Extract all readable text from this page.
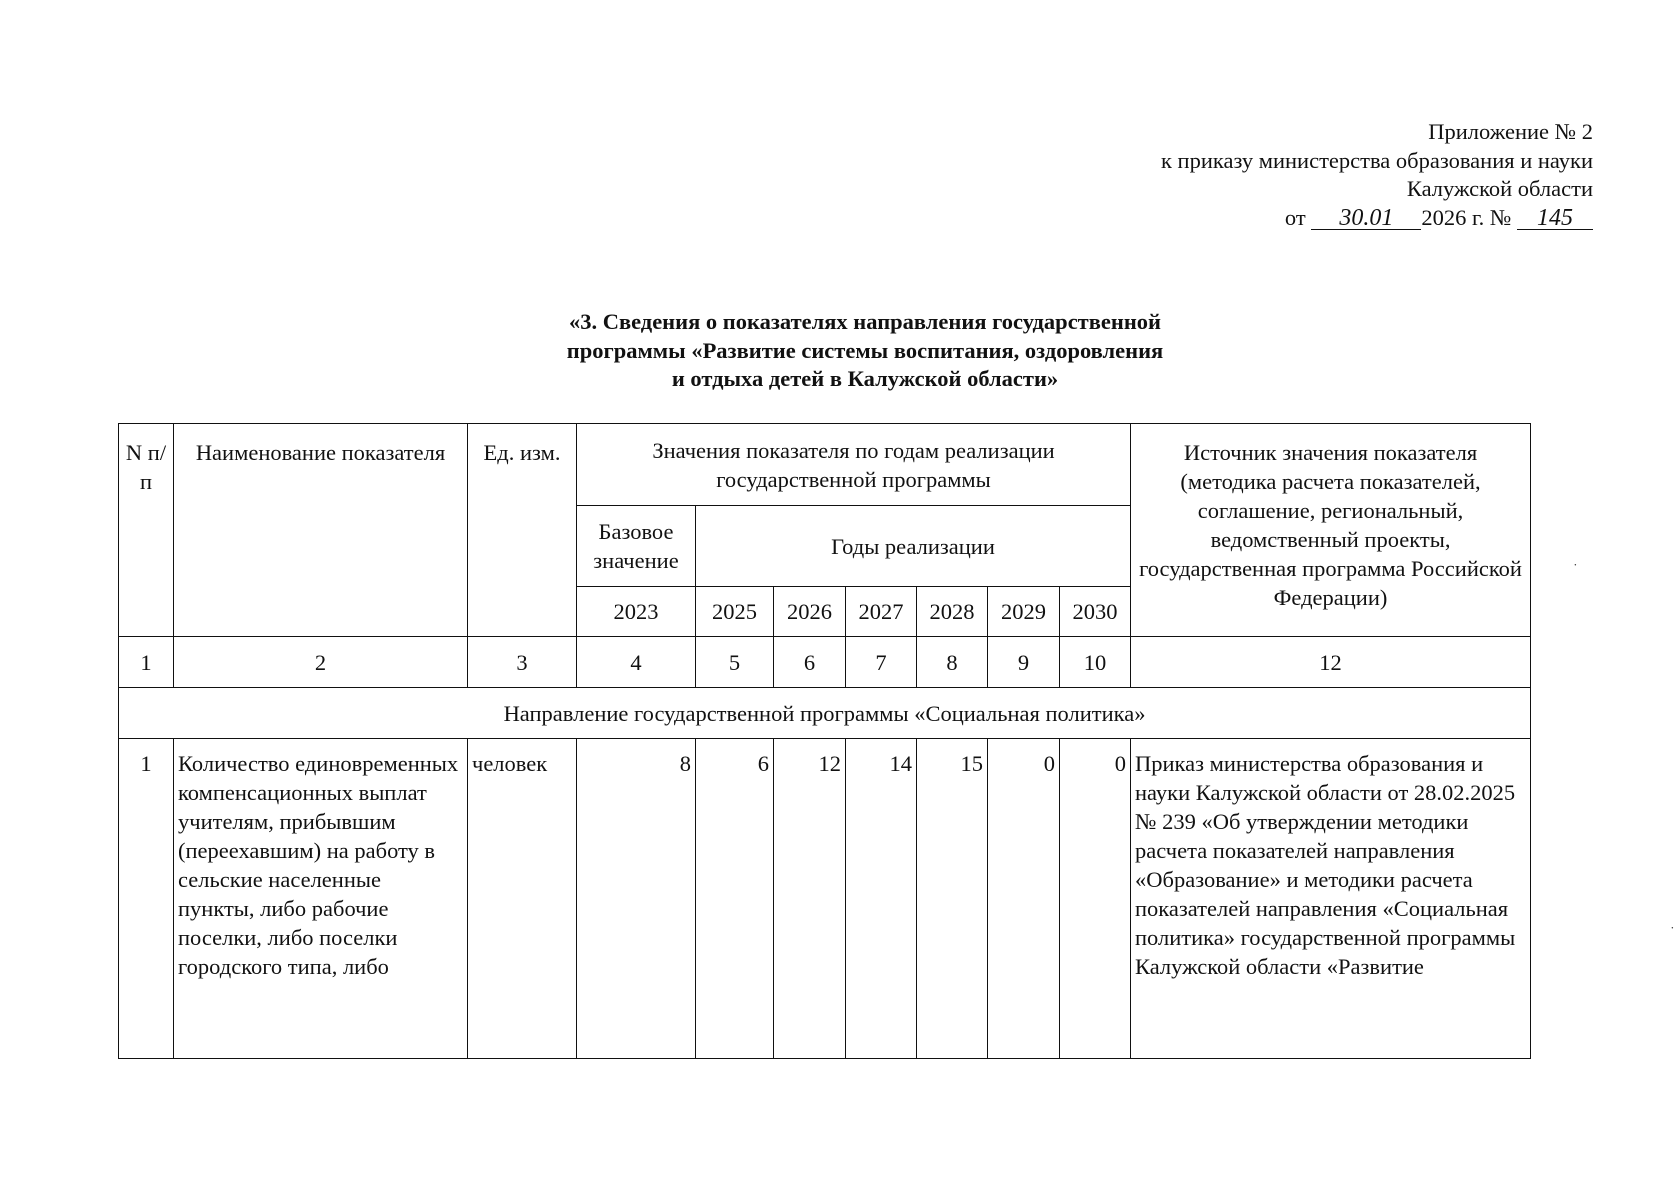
Приложение № 2
к приказу министерства образования и науки
Калужской области
от 30.01 2026 г. № 145
«3. Сведения о показателях направления государственной
программы «Развитие системы воспитания, оздоровления
и отдыха детей в Калужской области»
N п/п	Наименование показателя	Ед. изм.	Значения показателя по годам реализации государственной программы							Источник значения показателя (методика расчета показателей, соглашение, региональный, ведомственный проекты, государственная программа Российской Федерации)
			Базовое значение	Годы реализации						
			2023	2025	2026	2027	2028	2029	2030	
1	2	3	4	5	6	7	8	9	10	12
Направление государственной программы «Социальная политика»										
1	Количество единовременных компенсационных выплат учителям, прибывшим (переехавшим) на работу в сельские населенные пункты, либо рабочие поселки, либо поселки городского типа, либо	человек	8	6	12	14	15	0	0	Приказ министерства образования и науки Калужской области от 28.02.2025 № 239 «Об утверждении методики расчета показателей направления «Образование» и методики расчета показателей направления «Социальная политика» государственной программы Калужской области «Развитие
˙
˙
